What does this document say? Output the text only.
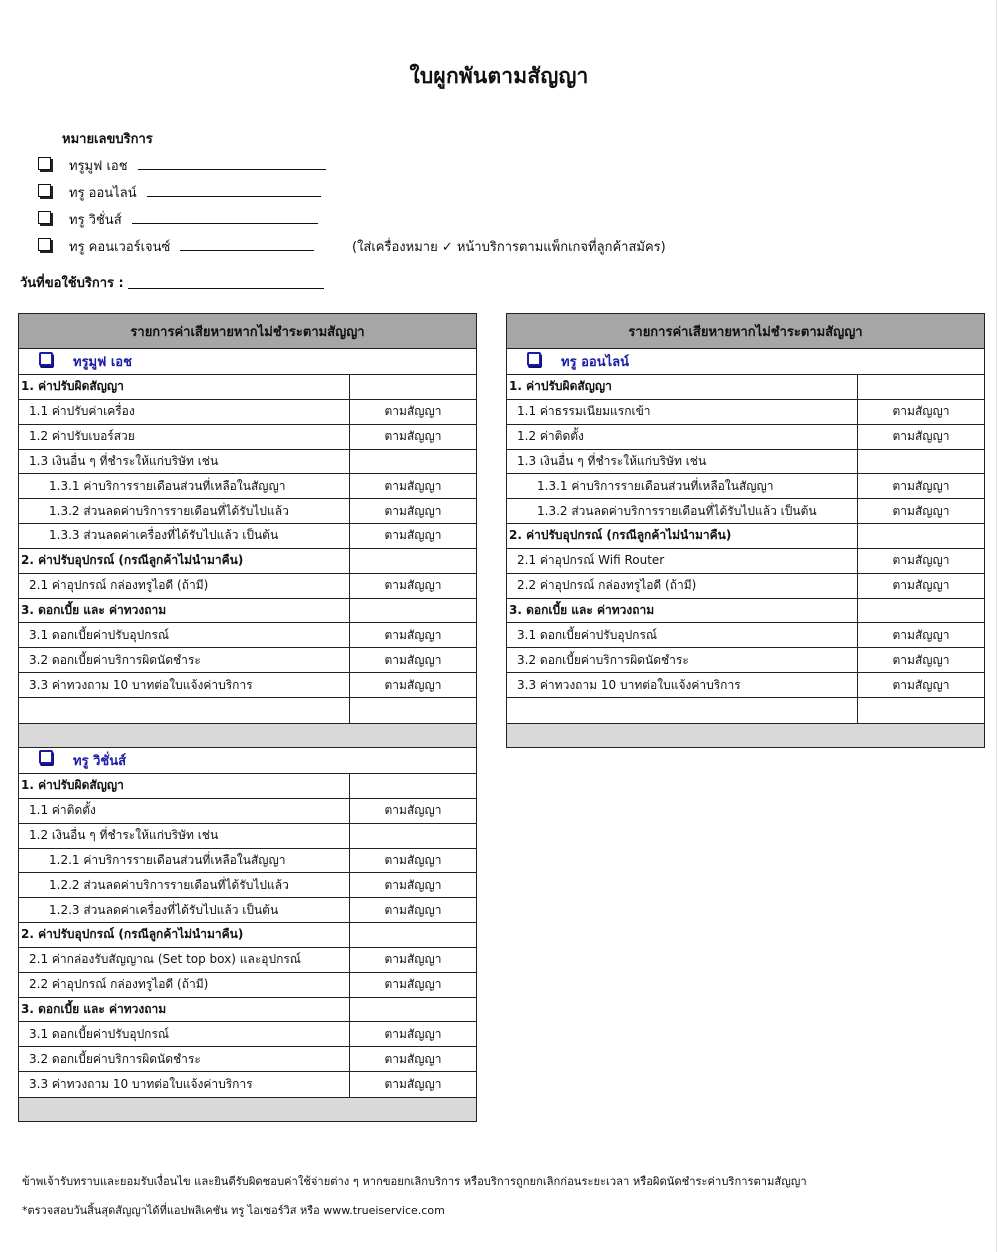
ใบผูกพันตามสัญญา
หมายเลขบริการ
ทรูมูฟ เอช
ทรู ออนไลน์
ทรู วิชั่นส์
ทรู คอนเวอร์เจนซ์	(ใส่เครื่องหมาย ✓ หน้าบริการตามแพ็กเกจที่ลูกค้าสมัคร)
วันที่ขอใช้บริการ :
รายการค่าเสียหายหากไม่ชำระตามสัญญา
ทรูมูฟ เอช
1. ค่าปรับผิดสัญญา
1.1 ค่าปรับค่าเครื่อง	ตามสัญญา
1.2 ค่าปรับเบอร์สวย	ตามสัญญา
1.3 เงินอื่น ๆ ที่ชำระให้แก่บริษัท เช่น
1.3.1 ค่าบริการรายเดือนส่วนที่เหลือในสัญญา	ตามสัญญา
1.3.2 ส่วนลดค่าบริการรายเดือนที่ได้รับไปแล้ว	ตามสัญญา
1.3.3 ส่วนลดค่าเครื่องที่ได้รับไปแล้ว เป็นต้น	ตามสัญญา
2. ค่าปรับอุปกรณ์ (กรณีลูกค้าไม่นำมาคืน)
2.1 ค่าอุปกรณ์ กล่องทรูไอดี (ถ้ามี)	ตามสัญญา
3. ดอกเบี้ย และ ค่าทวงถาม
3.1 ดอกเบี้ยค่าปรับอุปกรณ์	ตามสัญญา
3.2 ดอกเบี้ยค่าบริการผิดนัดชำระ	ตามสัญญา
3.3 ค่าทวงถาม 10 บาทต่อใบแจ้งค่าบริการ	ตามสัญญา
ทรู วิชั่นส์
1. ค่าปรับผิดสัญญา
1.1 ค่าติดตั้ง	ตามสัญญา
1.2 เงินอื่น ๆ ที่ชำระให้แก่บริษัท เช่น
1.2.1 ค่าบริการรายเดือนส่วนที่เหลือในสัญญา	ตามสัญญา
1.2.2 ส่วนลดค่าบริการรายเดือนที่ได้รับไปแล้ว	ตามสัญญา
1.2.3 ส่วนลดค่าเครื่องที่ได้รับไปแล้ว เป็นต้น	ตามสัญญา
2. ค่าปรับอุปกรณ์ (กรณีลูกค้าไม่นำมาคืน)
2.1 ค่ากล่องรับสัญญาณ (Set top box) และอุปกรณ์	ตามสัญญา
2.2 ค่าอุปกรณ์ กล่องทรูไอดี (ถ้ามี)	ตามสัญญา
3. ดอกเบี้ย และ ค่าทวงถาม
3.1 ดอกเบี้ยค่าปรับอุปกรณ์	ตามสัญญา
3.2 ดอกเบี้ยค่าบริการผิดนัดชำระ	ตามสัญญา
3.3 ค่าทวงถาม 10 บาทต่อใบแจ้งค่าบริการ	ตามสัญญา
รายการค่าเสียหายหากไม่ชำระตามสัญญา
ทรู ออนไลน์
1. ค่าปรับผิดสัญญา
1.1 ค่าธรรมเนียมแรกเข้า	ตามสัญญา
1.2 ค่าติดตั้ง	ตามสัญญา
1.3 เงินอื่น ๆ ที่ชำระให้แก่บริษัท เช่น
1.3.1 ค่าบริการรายเดือนส่วนที่เหลือในสัญญา	ตามสัญญา
1.3.2 ส่วนลดค่าบริการรายเดือนที่ได้รับไปแล้ว เป็นต้น	ตามสัญญา
2. ค่าปรับอุปกรณ์ (กรณีลูกค้าไม่นำมาคืน)
2.1 ค่าอุปกรณ์ Wifi Router	ตามสัญญา
2.2 ค่าอุปกรณ์ กล่องทรูไอดี (ถ้ามี)	ตามสัญญา
3. ดอกเบี้ย และ ค่าทวงถาม
3.1 ดอกเบี้ยค่าปรับอุปกรณ์	ตามสัญญา
3.2 ดอกเบี้ยค่าบริการผิดนัดชำระ	ตามสัญญา
3.3 ค่าทวงถาม 10 บาทต่อใบแจ้งค่าบริการ	ตามสัญญา
ข้าพเจ้ารับทราบและยอมรับเงื่อนไข และยินดีรับผิดชอบค่าใช้จ่ายต่าง ๆ หากขอยกเลิกบริการ หรือบริการถูกยกเลิกก่อนระยะเวลา หรือผิดนัดชำระค่าบริการตามสัญญา
*ตรวจสอบวันสิ้นสุดสัญญาได้ที่แอปพลิเคชัน ทรู ไอเซอร์วิส หรือ www.trueiservice.com
